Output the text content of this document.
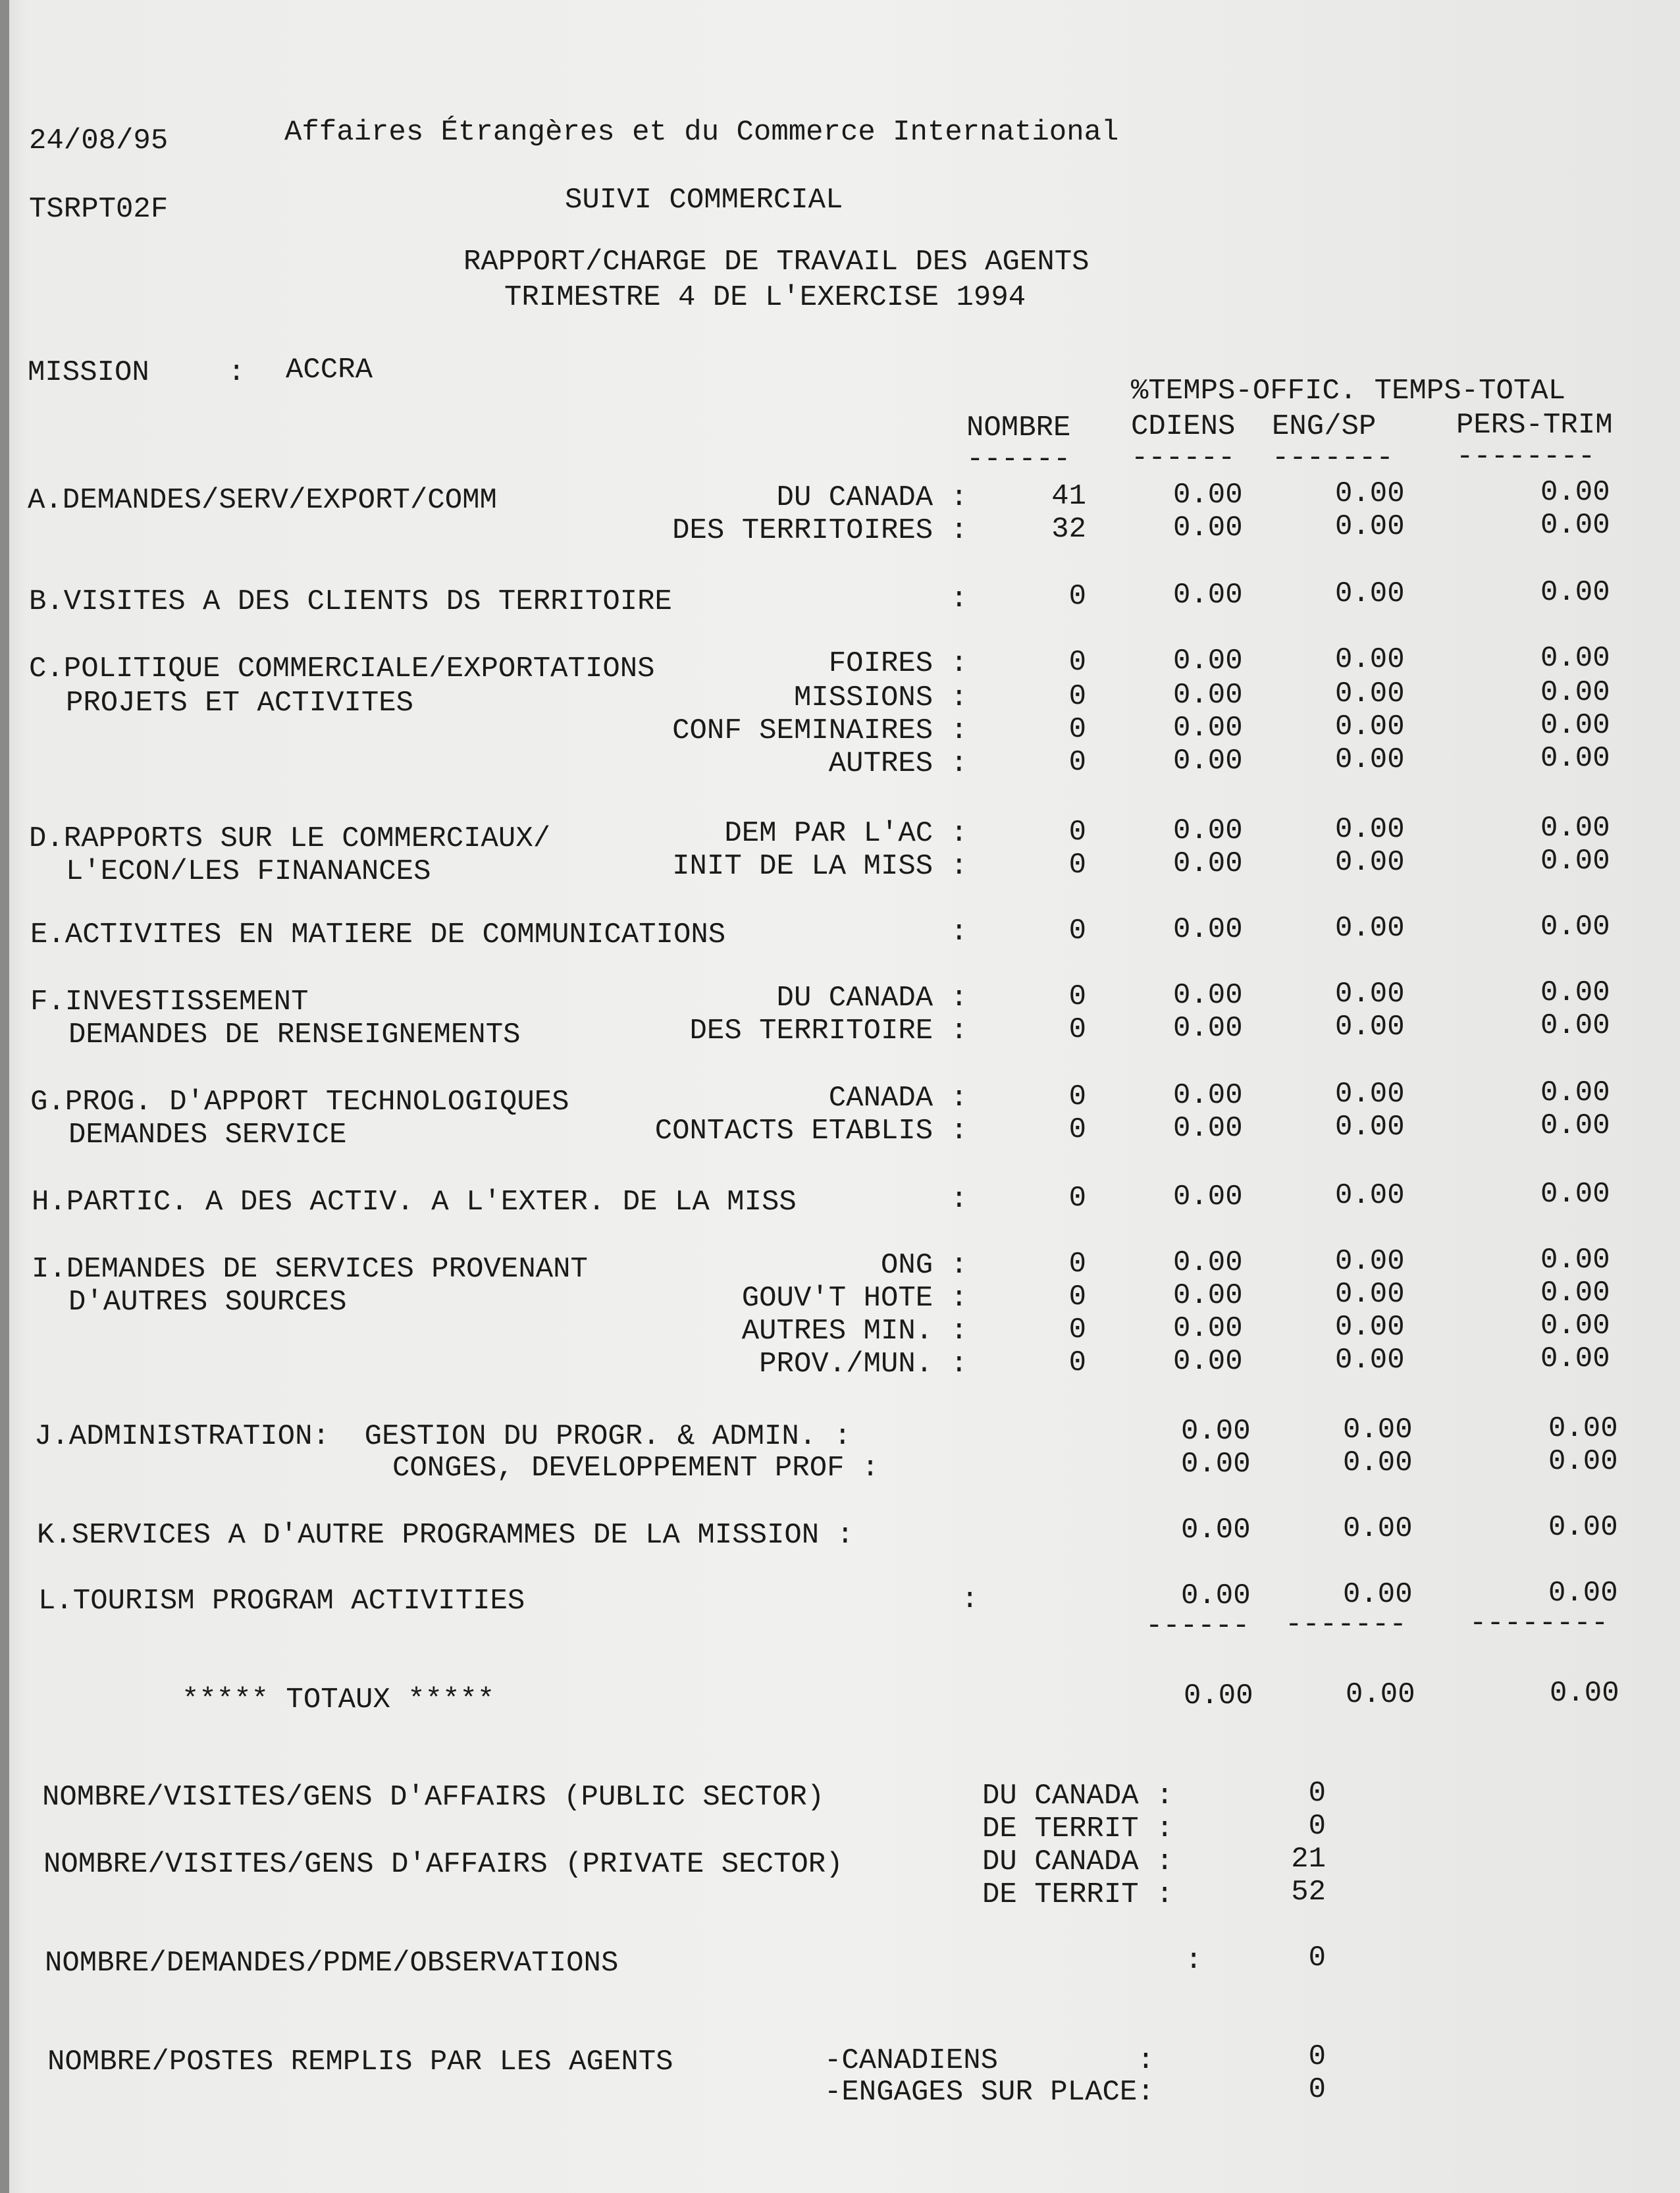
24/08/95	Affaires Étrangères et du Commerce International
TSRPT02F	SUIVI COMMERCIAL
RAPPORT/CHARGE DE TRAVAIL DES AGENTS
TRIMESTRE 4 DE L'EXERCISE 1994
MISSION	: ACCRA
%TEMPS-OFFIC. TEMPS-TOTAL
NOMBRE CDIENS ENG/SP	PERS-TRIM
------ ------ ------- --------
A.DEMANDES/SERV/EXPORT/COMM	DU CANADA :	41	0.00	0.00	0.00
DES TERRITOIRES :	32	0.00	0.00	0.00
B.VISITES A DES CLIENTS DS TERRITOIRE	:	0	0.00	0.00	0.00
C.POLITIQUE COMMERCIALE/EXPORTATIONS
PROJETS ET ACTIVITES
FOIRES :	0	0.00	0.00	0.00
MISSIONS :	0	0.00	0.00	0.00
CONF SEMINAIRES :	0	0.00	0.00	0.00
AUTRES :	0	0.00	0.00	0.00
D.RAPPORTS SUR LE COMMERCIAUX/
L'ECON/LES FINANANCES
DEM PAR L'AC :	0	0.00	0.00	0.00
INIT DE LA MISS :	0	0.00	0.00	0.00
E.ACTIVITES EN MATIERE DE COMMUNICATIONS	:	0	0.00	0.00	0.00
F.INVESTISSEMENT
DEMANDES DE RENSEIGNEMENTS
DU CANADA :	0	0.00	0.00	0.00
DES TERRITOIRE :	0	0.00	0.00	0.00
G.PROG. D'APPORT TECHNOLOGIQUES
DEMANDES SERVICE
CANADA :	0	0.00	0.00	0.00
CONTACTS ETABLIS :	0	0.00	0.00	0.00
H.PARTIC. A DES ACTIV. A L'EXTER. DE LA MISS	:	0	0.00	0.00	0.00
I.DEMANDES DE SERVICES PROVENANT
D'AUTRES SOURCES
ONG :	0	0.00	0.00	0.00
GOUV'T HOTE :	0	0.00	0.00	0.00
AUTRES MIN. :	0	0.00	0.00	0.00
PROV./MUN. :	0	0.00	0.00	0.00
J.ADMINISTRATION:  GESTION DU PROGR. & ADMIN. :	0.00	0.00	0.00
CONGES, DEVELOPPEMENT PROF :	0.00	0.00	0.00
K.SERVICES A D'AUTRE PROGRAMMES DE LA MISSION :	0.00	0.00	0.00
L.TOURISM PROGRAM ACTIVITIES	:	0.00	0.00	0.00
------ ------- --------
***** TOTAUX *****	0.00	0.00	0.00
NOMBRE/VISITES/GENS D'AFFAIRS (PUBLIC SECTOR)	DU CANADA :	0
DE TERRIT :	0
NOMBRE/VISITES/GENS D'AFFAIRS (PRIVATE SECTOR)	DU CANADA :	21
DE TERRIT :	52
NOMBRE/DEMANDES/PDME/OBSERVATIONS	:	0
NOMBRE/POSTES REMPLIS PAR LES AGENTS	-CANADIENS        :	0
-ENGAGES SUR PLACE:	0
